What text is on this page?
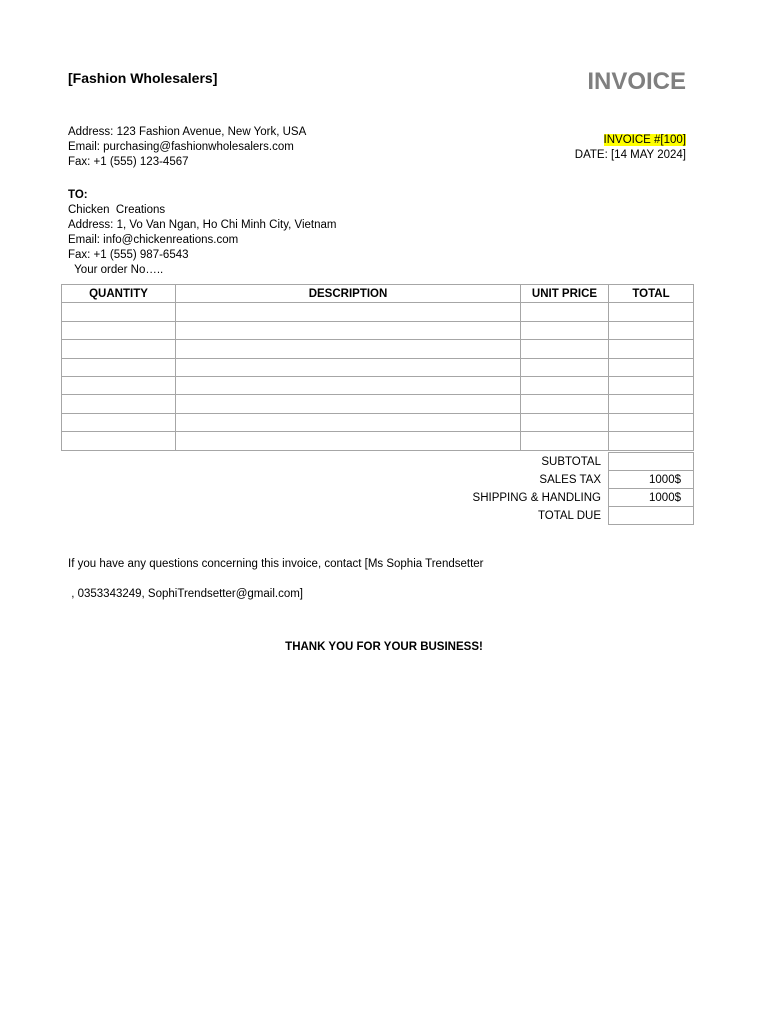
[Fashion Wholesalers]	INVOICE
Address: 123 Fashion Avenue, New York, USA
Email: purchasing@fashionwholesalers.com
Fax: +1 (555) 123-4567
INVOICE #[100]
DATE: [14 MAY 2024]
TO:
Chicken  Creations
Address: 1, Vo Van Ngan, Ho Chi Minh City, Vietnam
Email: info@chickenreations.com
Fax: +1 (555) 987-6543
Your order No…..
QUANTITY	DESCRIPTION	UNIT PRICE	TOTAL

SUBTOTAL
SALES TAX	1000$
SHIPPING & HANDLING	1000$
TOTAL DUE
If you have any questions concerning this invoice, contact [Ms Sophia Trendsetter
, 0353343249, SophiTrendsetter@gmail.com]
THANK YOU FOR YOUR BUSINESS!
